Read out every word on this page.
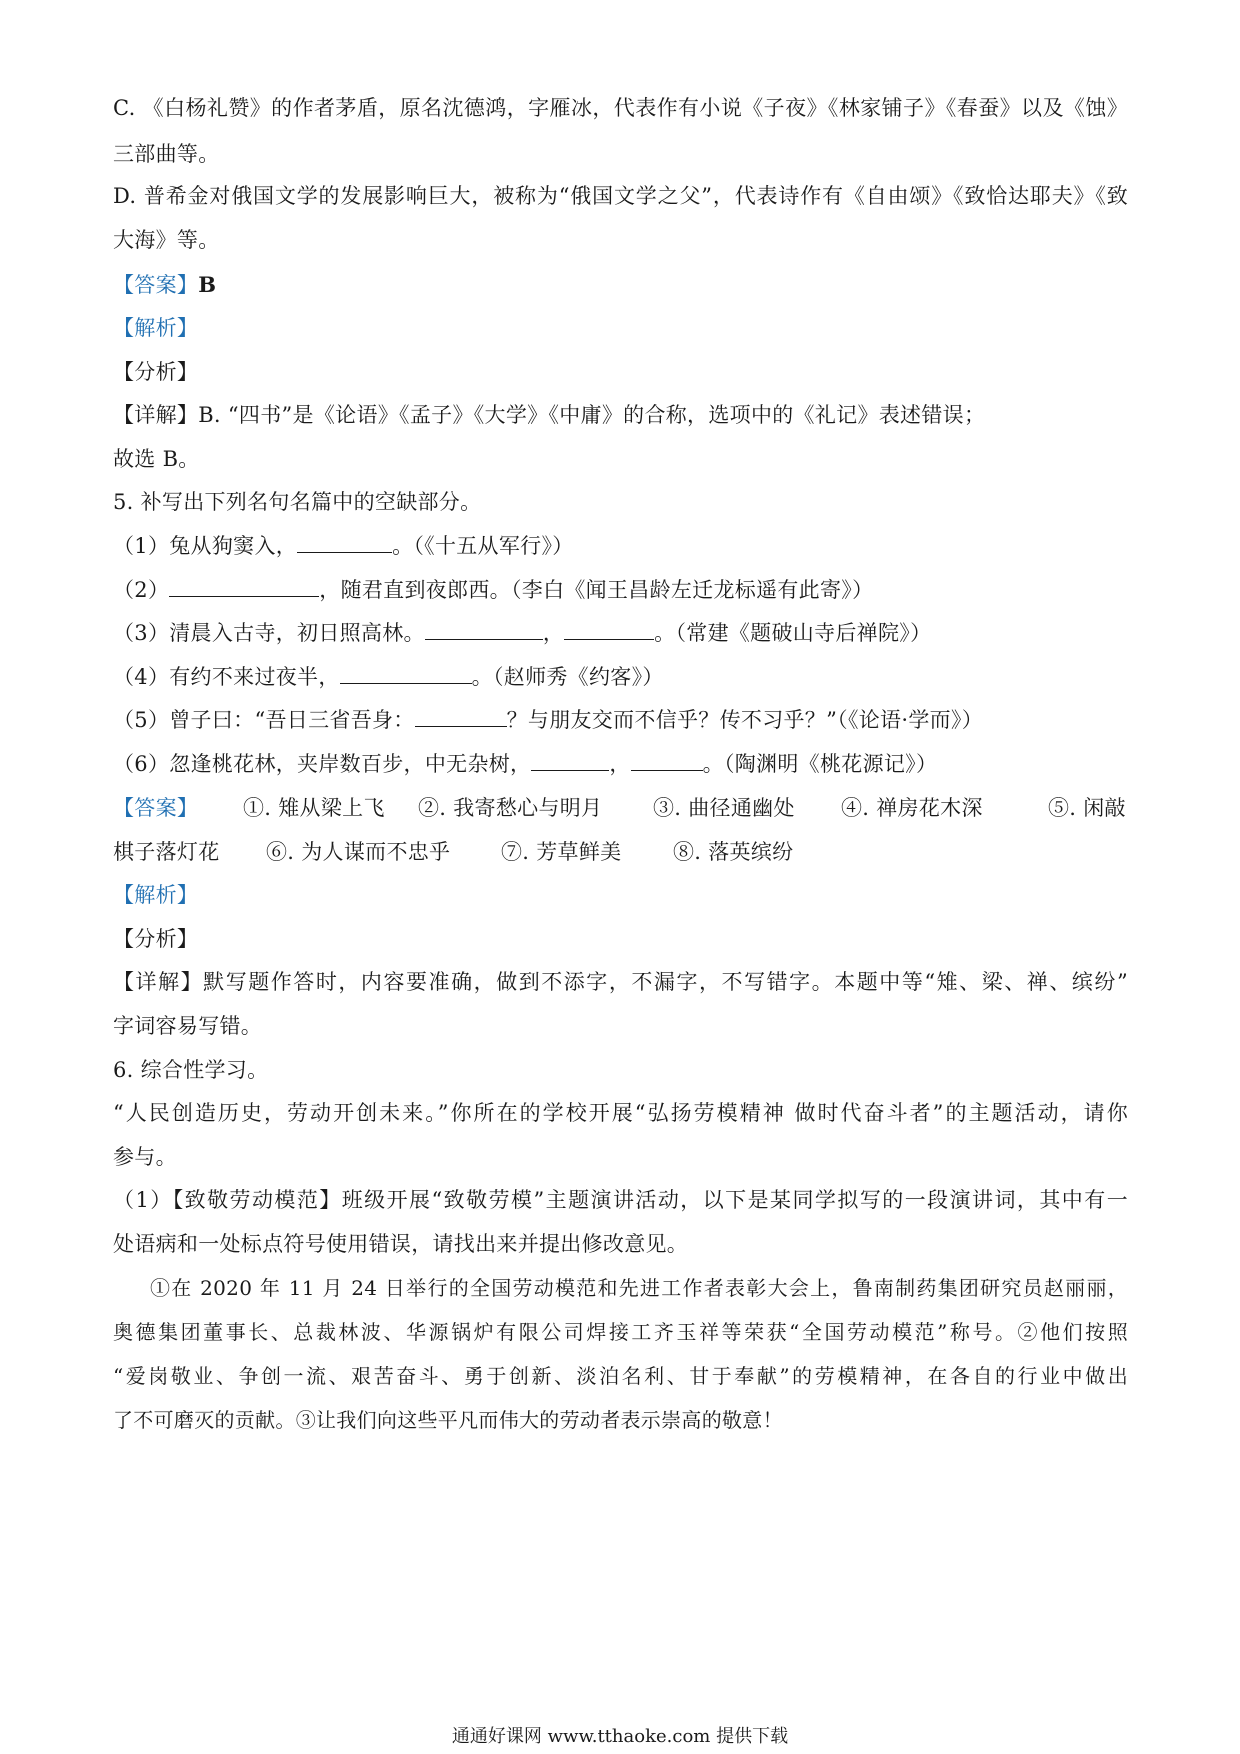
C. 《白杨礼赞》的作者茅盾，原名沈德鸿，字雁冰，代表作有小说《子夜》《林家铺子》《春蚕》以及《蚀》
三部曲等。
D. 普希金对俄国文学的发展影响巨大，被称为“俄国文学之父”，代表诗作有《自由颂》《致恰达耶夫》《致
大海》等。
【答案】B
【解析】
【分析】
【详解】B. “四书”是《论语》《孟子》《大学》《中庸》的合称，选项中的《礼记》表述错误；
故选 B。
5. 补写出下列名句名篇中的空缺部分。
（1）兔从狗窦入，	。（《十五从军行》）
（2）	，随君直到夜郎西。（李白《闻王昌龄左迁龙标遥有此寄》）
（3）清晨入古寺，初日照高林。	，	。（常建《题破山寺后禅院》）
（4）有约不来过夜半，	。（赵师秀《约客》）
（5）曾子曰：“吾日三省吾身：	？与朋友交而不信乎？传不习乎？”（《论语·学而》）
（6）忽逢桃花林，夹岸数百步，中无杂树，	，	。（陶渊明《桃花源记》）
【答案】 ①. 雉从梁上飞 ②. 我寄愁心与明月 ③. 曲径通幽处 ④. 禅房花木深	⑤. 闲敲
棋子落灯花 ⑥. 为人谋而不忠乎 ⑦. 芳草鲜美 ⑧. 落英缤纷
【解析】
【分析】
【详解】默写题作答时，内容要准确，做到不添字，不漏字，不写错字。本题中等“雉、梁、禅、缤纷”
字词容易写错。
6. 综合性学习。
“人民创造历史，劳动开创未来。”你所在的学校开展“弘扬劳模精神 做时代奋斗者”的主题活动，请你
参与。
（1）【致敬劳动模范】班级开展“致敬劳模”主题演讲活动，以下是某同学拟写的一段演讲词，其中有一
处语病和一处标点符号使用错误，请找出来并提出修改意见。
①在 2020 年 11 月 24 日举行的全国劳动模范和先进工作者表彰大会上，鲁南制药集团研究员赵丽丽，
奥德集团董事长、总裁林波、华源锅炉有限公司焊接工齐玉祥等荣获“全国劳动模范”称号。②他们按照
“爱岗敬业、争创一流、艰苦奋斗、勇于创新、淡泊名利、甘于奉献”的劳模精神，在各自的行业中做出
了不可磨灭的贡献。③让我们向这些平凡而伟大的劳动者表示崇高的敬意！
通通好课网 www.tthaoke.com 提供下载
